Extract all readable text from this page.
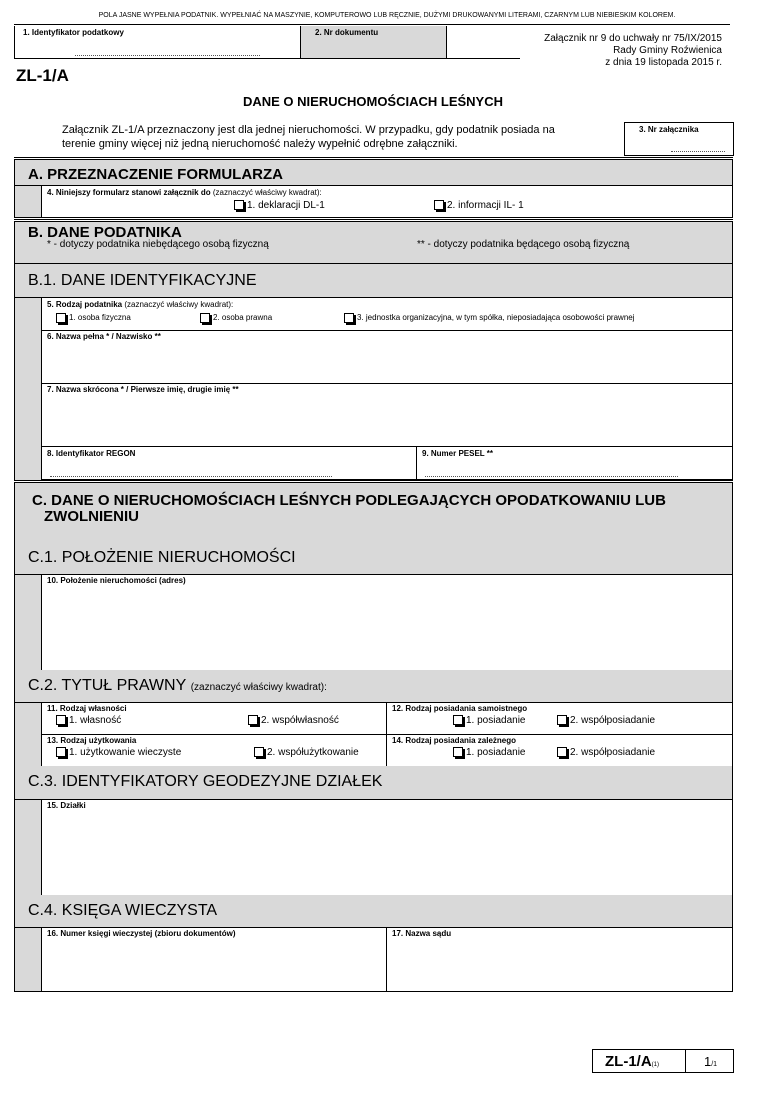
POLA JASNE WYPEŁNIA PODATNIK. WYPEŁNIAĆ NA MASZYNIE, KOMPUTEROWO LUB RĘCZNIE, DUŻYMI DRUKOWANYMI LITERAMI, CZARNYM LUB NIEBIESKIM KOLOREM.
1. Identyfikator podatkowy	2. Nr dokumentu
Załącznik nr 9 do uchwały nr 75/IX/2015
Rady Gminy Roźwienica
z dnia 19 listopada 2015 r.
ZL-1/A
DANE O NIERUCHOMOŚCIACH LEŚNYCH
Załącznik ZL-1/A przeznaczony jest dla jednej nieruchomości. W przypadku, gdy podatnik posiada na
terenie gminy więcej niż jedną nieruchomość należy wypełnić odrębne załączniki.
3. Nr załącznika
A. PRZEZNACZENIE FORMULARZA
4. Niniejszy formularz stanowi załącznik do (zaznaczyć właściwy kwadrat):
1. deklaracji DL-1	2. informacji IL- 1
B. DANE PODATNIKA
* - dotyczy podatnika niebędącego osobą fizyczną	** - dotyczy podatnika będącego osobą fizyczną
B.1. DANE IDENTYFIKACYJNE
5. Rodzaj podatnika (zaznaczyć właściwy kwadrat):
1. osoba fizyczna	2. osoba prawna	3. jednostka organizacyjna, w tym spółka, nieposiadająca osobowości prawnej
6. Nazwa pełna * / Nazwisko **
7. Nazwa skrócona * / Pierwsze imię, drugie imię **
8. Identyfikator REGON	9. Numer PESEL **
C. DANE O NIERUCHOMOŚCIACH LEŚNYCH PODLEGAJĄCYCH OPODATKOWANIU LUB
ZWOLNIENIU
C.1. POŁOŻENIE NIERUCHOMOŚCI
10. Położenie nieruchomości (adres)
C.2. TYTUŁ PRAWNY (zaznaczyć właściwy kwadrat):
11. Rodzaj własności
1. własność	2. współwłasność
12. Rodzaj posiadania samoistnego
1. posiadanie	2. współposiadanie
13. Rodzaj użytkowania
1. użytkowanie wieczyste	2. współużytkowanie
14. Rodzaj posiadania zależnego
1. posiadanie	2. współposiadanie
C.3. IDENTYFIKATORY GEODEZYJNE DZIAŁEK
15. Działki
C.4. KSIĘGA WIECZYSTA
16. Numer księgi wieczystej (zbioru dokumentów)	17. Nazwa sądu
ZL-1/A(1)	1/1
